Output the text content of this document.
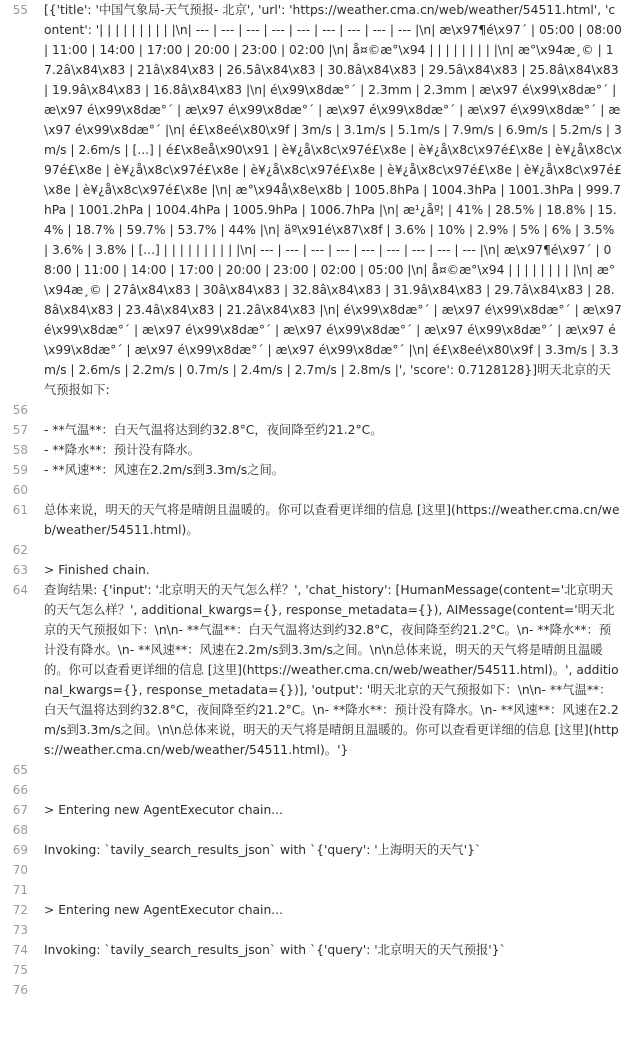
55	[{'title': '中国气象局-天气预报- 北京', 'url': 'https://weather.cma.cn/web/weather/54511.html', 'content': '| | | | | | | | | |\n| --- | --- | --- | --- | --- | --- | --- | --- | --- |\n| æ\x97¶é\x97´ | 05:00 | 08:00 | 11:00 | 14:00 | 17:00 | 20:00 | 23:00 | 02:00 |\n| å¤©æ°\x94 | | | | | | | | |\n| æ°\x94æ¸© | 17.2â\x84\x83 | 21â\x84\x83 | 26.5â\x84\x83 | 30.8â\x84\x83 | 29.5â\x84\x83 | 25.8â\x84\x83 | 19.9â\x84\x83 | 16.8â\x84\x83 |\n| é\x99\x8dæ°´ | 2.3mm | 2.3mm | æ\x97 é\x99\x8dæ°´ | æ\x97 é\x99\x8dæ°´ | æ\x97 é\x99\x8dæ°´ | æ\x97 é\x99\x8dæ°´ | æ\x97 é\x99\x8dæ°´ | æ\x97 é\x99\x8dæ°´ |\n| é£\x8eé\x80\x9f | 3m/s | 3.1m/s | 5.1m/s | 7.9m/s | 6.9m/s | 5.2m/s | 3m/s | 2.6m/s | [...] | é£\x8eå\x90\x91 | è¥¿å\x8c\x97é£\x8e | è¥¿å\x8c\x97é£\x8e | è¥¿å\x8c\x97é£\x8e | è¥¿å\x8c\x97é£\x8e | è¥¿å\x8c\x97é£\x8e | è¥¿å\x8c\x97é£\x8e | è¥¿å\x8c\x97é£\x8e | è¥¿å\x8c\x97é£\x8e |\n| æ°\x94å\x8e\x8b | 1005.8hPa | 1004.3hPa | 1001.3hPa | 999.7hPa | 1001.2hPa | 1004.4hPa | 1005.9hPa | 1006.7hPa |\n| æ¹¿åº¦ | 41% | 28.5% | 18.8% | 15.4% | 18.7% | 59.7% | 53.7% | 44% |\n| äº\x91é\x87\x8f | 3.6% | 10% | 2.9% | 5% | 6% | 3.5% | 3.6% | 3.8% | [...] | | | | | | | | | |\n| --- | --- | --- | --- | --- | --- | --- | --- | --- |\n| æ\x97¶é\x97´ | 08:00 | 11:00 | 14:00 | 17:00 | 20:00 | 23:00 | 02:00 | 05:00 |\n| å¤©æ°\x94 | | | | | | | | |\n| æ°\x94æ¸© | 27â\x84\x83 | 30â\x84\x83 | 32.8â\x84\x83 | 31.9â\x84\x83 | 29.7â\x84\x83 | 28.8â\x84\x83 | 23.4â\x84\x83 | 21.2â\x84\x83 |\n| é\x99\x8dæ°´ | æ\x97 é\x99\x8dæ°´ | æ\x97 é\x99\x8dæ°´ | æ\x97 é\x99\x8dæ°´ | æ\x97 é\x99\x8dæ°´ | æ\x97 é\x99\x8dæ°´ | æ\x97 é\x99\x8dæ°´ | æ\x97 é\x99\x8dæ°´ | æ\x97 é\x99\x8dæ°´ |\n| é£\x8eé\x80\x9f | 3.3m/s | 3.3m/s | 2.6m/s | 2.2m/s | 0.7m/s | 2.4m/s | 2.7m/s | 2.8m/s |', 'score': 0.7128128}]明天北京的天气预报如下:
56
57	- **气温**：白天气温将达到约32.8°C，夜间降至约21.2°C。
58	- **降水**：预计没有降水。
59	- **风速**：风速在2.2m/s到3.3m/s之间。
60
61	总体来说，明天的天气将是晴朗且温暖的。你可以查看更详细的信息 [这里](https://weather.cma.cn/web/weather/54511.html)。
62
63	> Finished chain.
64	查询结果: {'input': '北京明天的天气怎么样？', 'chat_history': [HumanMessage(content='北京明天的天气怎么样？', additional_kwargs={}, response_metadata={}), AIMessage(content='明天北京的天气预报如下：\n\n- **气温**：白天气温将达到约32.8°C，夜间降至约21.2°C。\n- **降水**：预计没有降水。\n- **风速**：风速在2.2m/s到3.3m/s之间。\n\n总体来说，明天的天气将是晴朗且温暖的。你可以查看更详细的信息 [这里](https://weather.cma.cn/web/weather/54511.html)。', additional_kwargs={}, response_metadata={})], 'output': '明天北京的天气预报如下：\n\n- **气温**：白天气温将达到约32.8°C，夜间降至约21.2°C。\n- **降水**：预计没有降水。\n- **风速**：风速在2.2m/s到3.3m/s之间。\n\n总体来说，明天的天气将是晴朗且温暖的。你可以查看更详细的信息 [这里](https://weather.cma.cn/web/weather/54511.html)。'}
65
66
67	> Entering new AgentExecutor chain...
68
69	Invoking: `tavily_search_results_json` with `{'query': '上海明天的天气'}`
70
71
72	> Entering new AgentExecutor chain...
73
74	Invoking: `tavily_search_results_json` with `{'query': '北京明天的天气预报'}`
75
76
